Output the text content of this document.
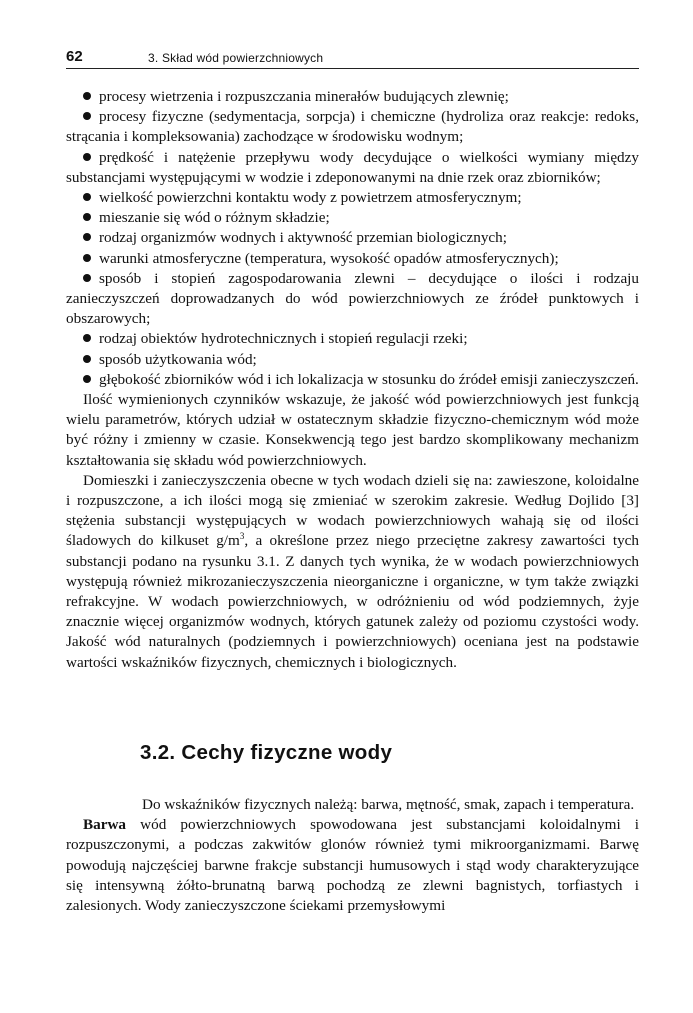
62	3. Skład wód powierzchniowych

procesy wietrzenia i rozpuszczania minerałów budujących zlewnię;

procesy fizyczne (sedymentacja, sorpcja) i chemiczne (hydroliza oraz reakcje: redoks, strącania i kompleksowania) zachodzące w środowisku wodnym;

prędkość i natężenie przepływu wody decydujące o wielkości wymiany między substancjami występującymi w wodzie i zdeponowanymi na dnie rzek oraz zbiorników;

wielkość powierzchni kontaktu wody z powietrzem atmosferycznym;

mieszanie się wód o różnym składzie;

rodzaj organizmów wodnych i aktywność przemian biologicznych;

warunki atmosferyczne (temperatura, wysokość opadów atmosferycznych);

sposób i stopień zagospodarowania zlewni – decydujące o ilości i rodzaju zanieczyszczeń doprowadzanych do wód powierzchniowych ze źródeł punktowych i obszarowych;

rodzaj obiektów hydrotechnicznych i stopień regulacji rzeki;

sposób użytkowania wód;

głębokość zbiorników wód i ich lokalizacja w stosunku do źródeł emisji zanieczyszczeń.

Ilość wymienionych czynników wskazuje, że jakość wód powierzchniowych jest funkcją wielu parametrów, których udział w ostatecznym składzie fizyczno-chemicznym wód może być różny i zmienny w czasie. Konsekwencją tego jest bardzo skomplikowany mechanizm kształtowania się składu wód powierzchniowych.

Domieszki i zanieczyszczenia obecne w tych wodach dzieli się na: zawieszone, koloidalne i rozpuszczone, a ich ilości mogą się zmieniać w szerokim zakresie. Według Dojlido [3] stężenia substancji występujących w wodach powierzchniowych wahają się od ilości śladowych do kilkuset $g/m^3$, a określone przez niego przeciętne zakresy zawartości tych substancji podano na rysunku 3.1. Z danych tych wynika, że w wodach powierzchniowych występują również mikrozanieczyszczenia nieorganiczne i organiczne, w tym także związki refrakcyjne. W wodach powierzchniowych, w odróżnieniu od wód podziemnych, żyje znacznie więcej organizmów wodnych, których gatunek zależy od poziomu czystości wody. Jakość wód naturalnych (podziemnych i powierzchniowych) oceniana jest na podstawie wartości wskaźników fizycznych, chemicznych i biologicznych.

3.2. Cechy fizyczne wody

Do wskaźników fizycznych należą: barwa, mętność, smak, zapach i temperatura.

Barwa wód powierzchniowych spowodowana jest substancjami koloidalnymi i rozpuszczonymi, a podczas zakwitów glonów również tymi mikroorganizmami. Barwę powodują najczęściej barwne frakcje substancji humusowych i stąd wody charakteryzujące się intensywną żółto-brunatną barwą pochodzą ze zlewni bagnistych, torfiastych i zalesionych. Wody zanieczyszczone ściekami przemysłowymi
